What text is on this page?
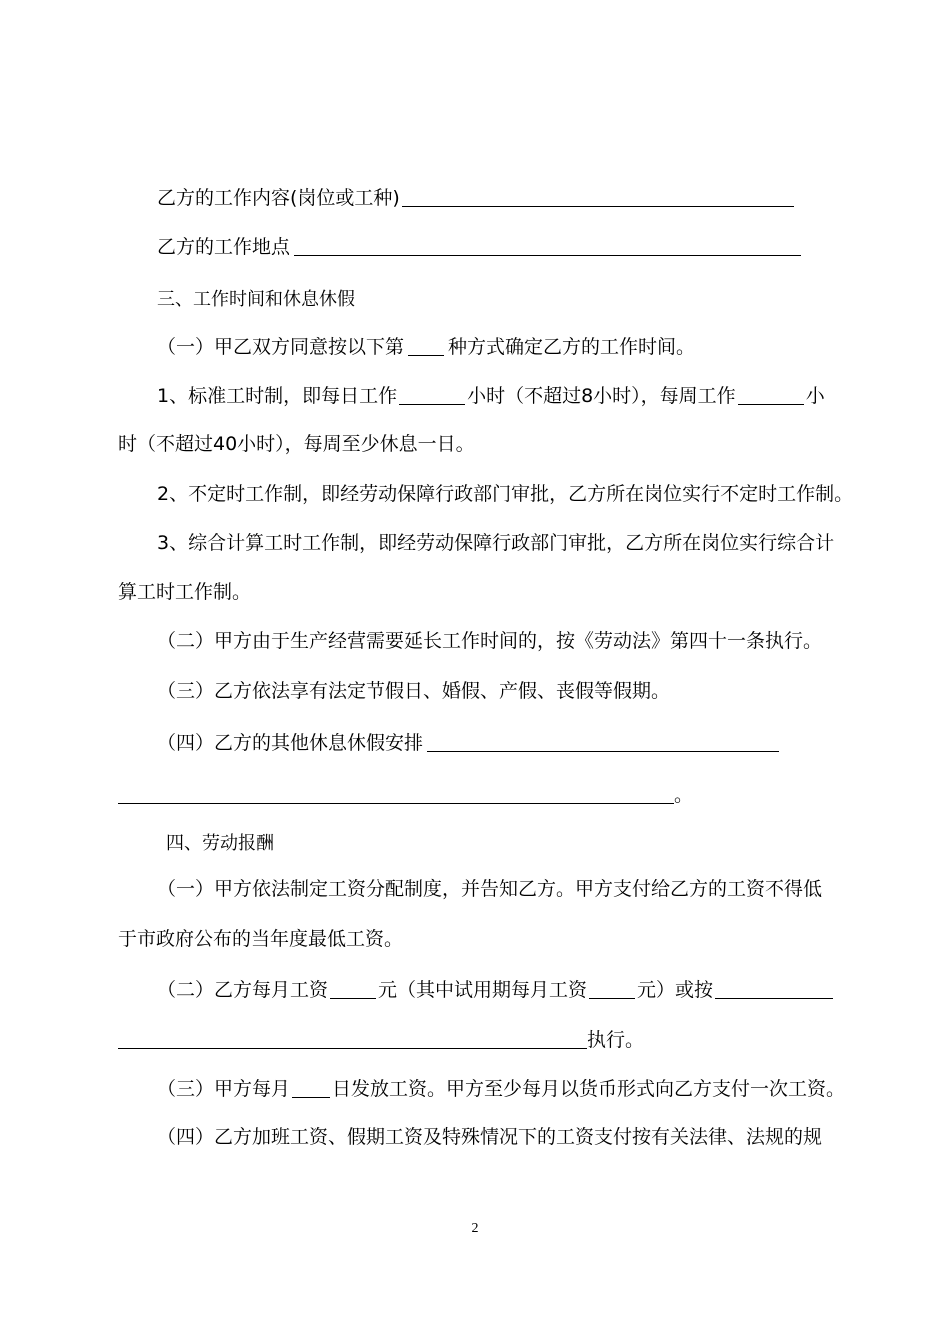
乙方的工作内容(岗位或工种)
乙方的工作地点
三、工作时间和休息休假
（一）甲乙双方同意按以下第 种方式确定乙方的工作时间。
1、标准工时制，即每日工作	小时（不超过8小时），每周工作	小
时（不超过40小时），每周至少休息一日。
2、不定时工作制，即经劳动保障行政部门审批，乙方所在岗位实行不定时工作制。
3、综合计算工时工作制，即经劳动保障行政部门审批，乙方所在岗位实行综合计
算工时工作制。
（二）甲方由于生产经营需要延长工作时间的，按《劳动法》第四十一条执行。
（三）乙方依法享有法定节假日、婚假、产假、丧假等假期。
（四）乙方的其他休息休假安排
。
四、劳动报酬
（一）甲方依法制定工资分配制度，并告知乙方。甲方支付给乙方的工资不得低
于市政府公布的当年度最低工资。
（二）乙方每月工资	元（其中试用期每月工资	元）或按
执行。
（三）甲方每月 日发放工资。甲方至少每月以货币形式向乙方支付一次工资。
（四）乙方加班工资、假期工资及特殊情况下的工资支付按有关法律、法规的规
2
